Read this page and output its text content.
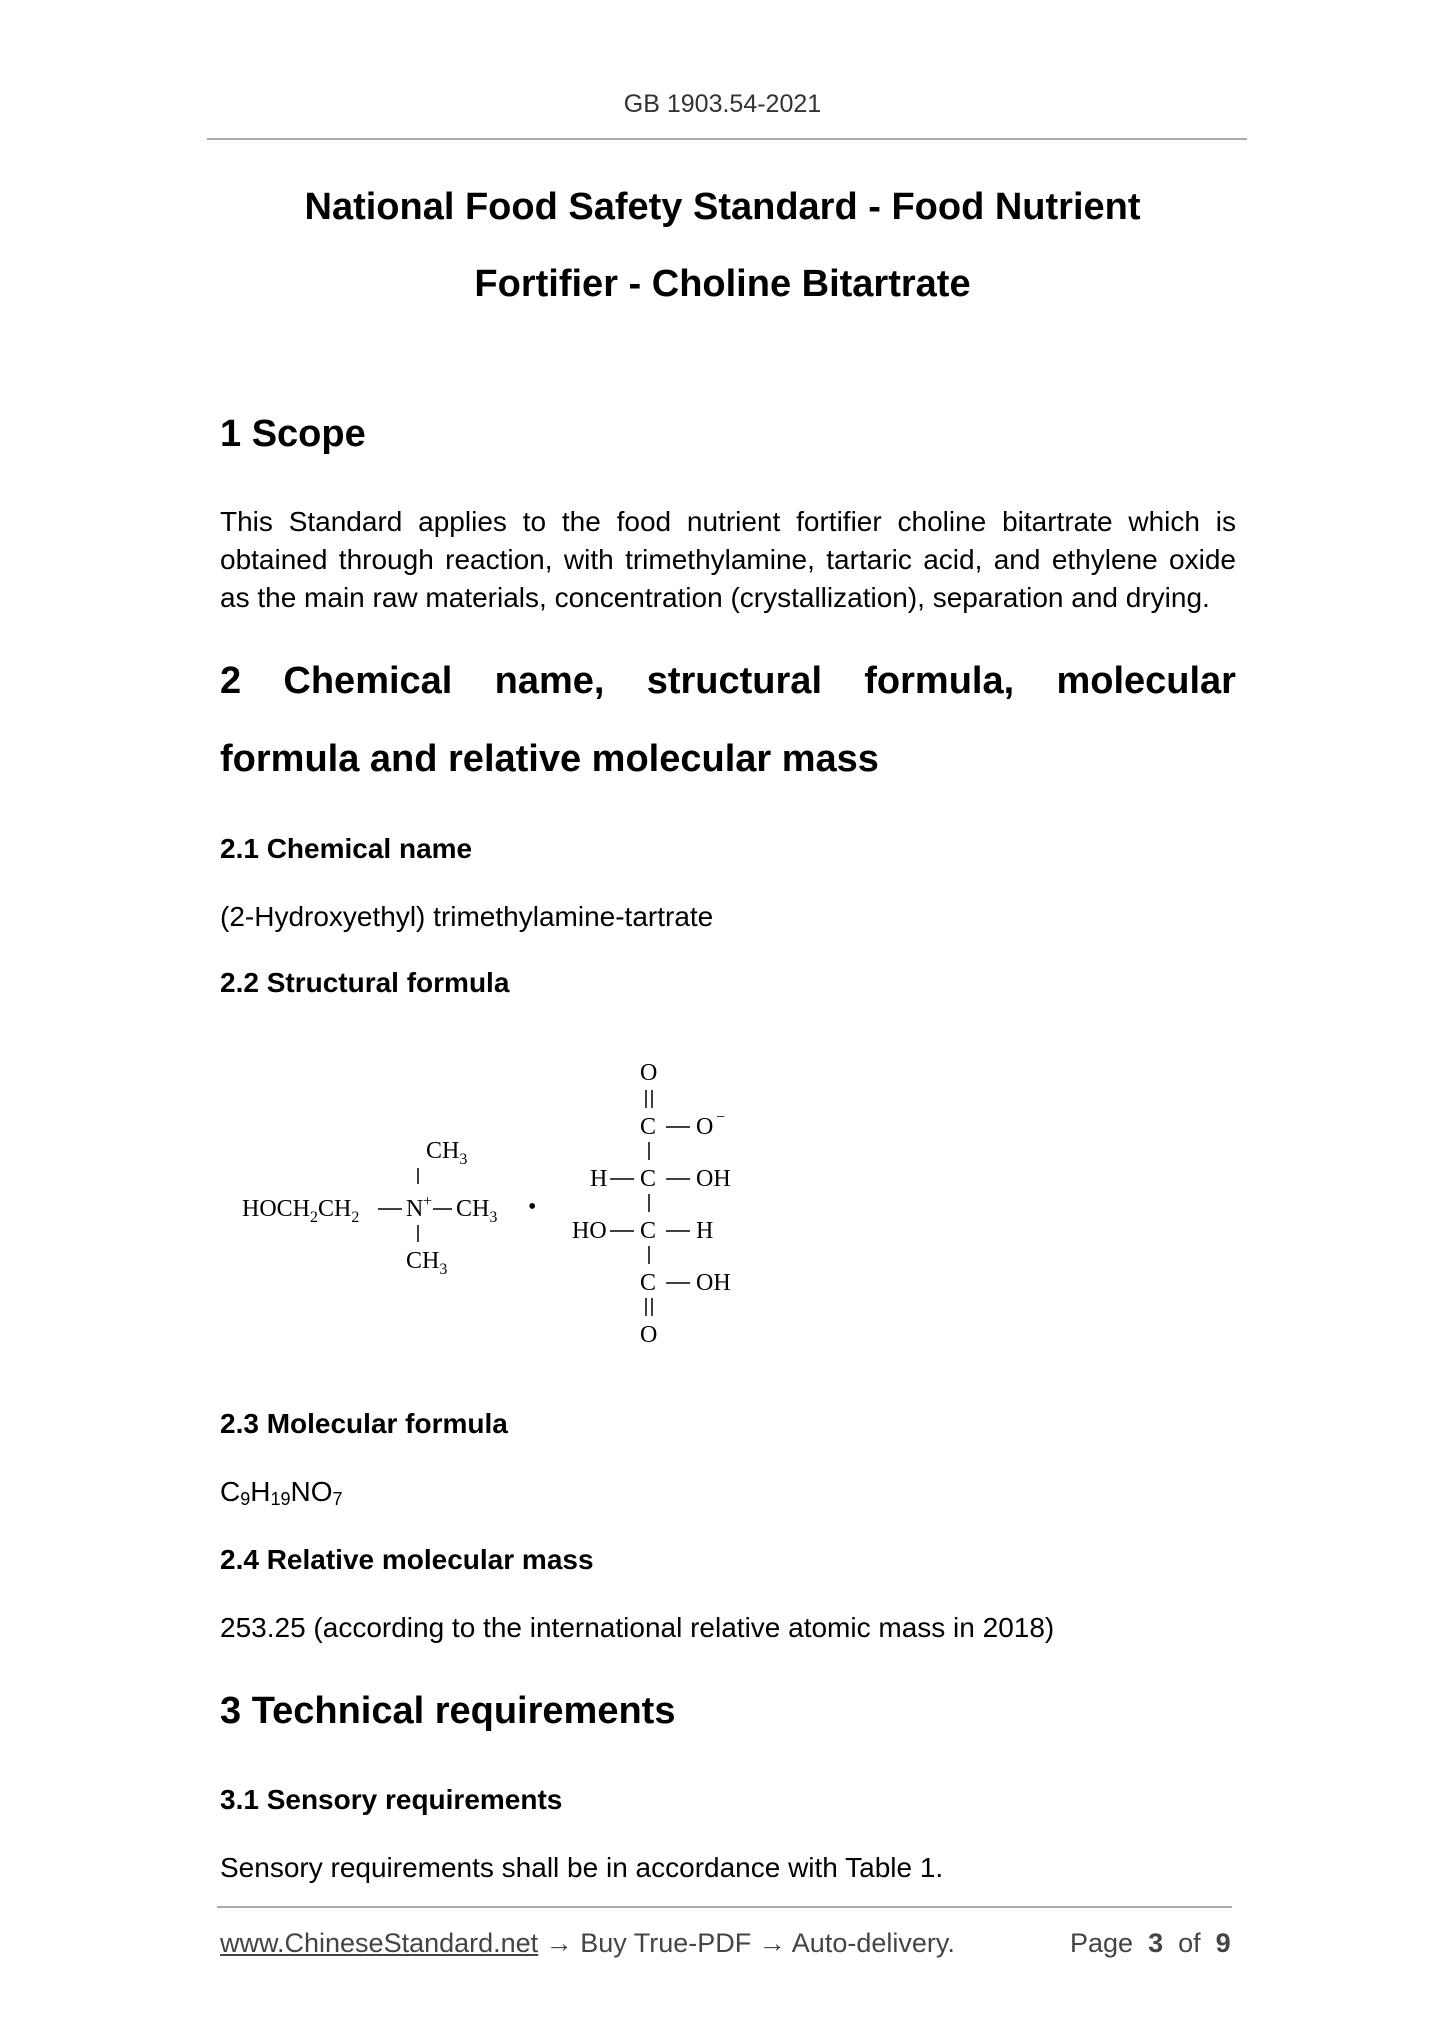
GB 1903.54-2021
National Food Safety Standard - Food Nutrient
Fortifier - Choline Bitartrate
1 Scope
This Standard applies to the food nutrient fortifier choline bitartrate which is
obtained through reaction, with trimethylamine, tartaric acid, and ethylene oxide
as the main raw materials, concentration (crystallization), separation and drying.
2 Chemical name, structural formula, molecular
formula and relative molecular mass
2.1 Chemical name
(2-Hydroxyethyl) trimethylamine-tartrate
2.2 Structural formula
$CH_3$
$HOCH_2CH_2$ $N + CH_3$
$CH_3$
•
O
C O −
H C OH
HO C H
C OH
O
2.3 Molecular formula
$C_9H_{19}NO_7$
2.4 Relative molecular mass
253.25 (according to the international relative atomic mass in 2018)
3 Technical requirements
3.1 Sensory requirements
Sensory requirements shall be in accordance with Table 1.
www.ChineseStandard.net → Buy True-PDF → Auto-delivery.	Page 3 of 9
